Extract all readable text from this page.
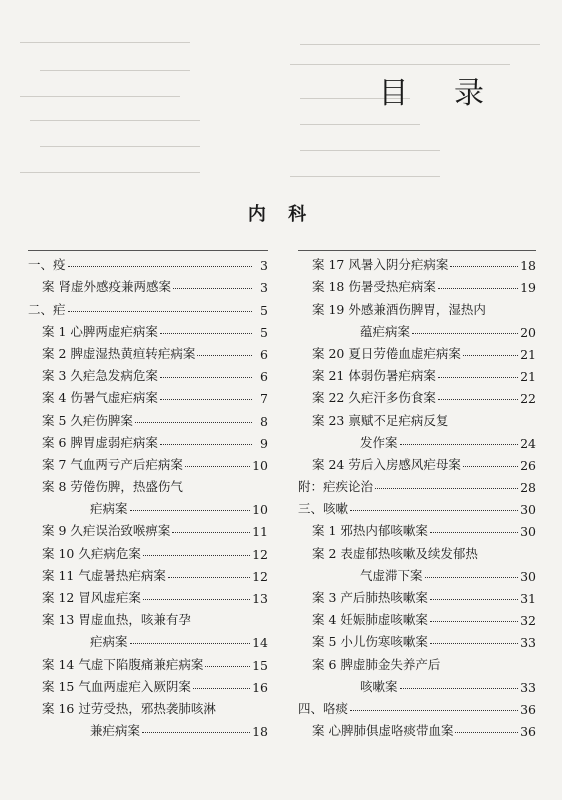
目 录
内 科
一、疫	3
案 肾虚外感疫兼两感案	3
二、疟	5
案 1 心脾两虚疟病案	5
案 2 脾虚湿热黄疸转疟病案	6
案 3 久疟急发病危案	6
案 4 伤暑气虚疟病案	7
案 5 久疟伤脾案	8
案 6 脾胃虚弱疟病案	9
案 7 气血两亏产后疟病案	10
案 8 劳倦伤脾，热盛伤气
疟病案	10
案 9 久疟误治致喉痹案	11
案 10 久疟病危案	12
案 11 气虚暑热疟病案	12
案 12 冒风虚疟案	13
案 13 胃虚血热，咳兼有孕
疟病案	14
案 14 气虚下陷腹痛兼疟病案	15
案 15 气血两虚疟入厥阴案	16
案 16 过劳受热，邪热袭肺咳淋
兼疟病案	18
案 17 风暑入阴分疟病案	18
案 18 伤暑受热疟病案	19
案 19 外感兼酒伤脾胃，湿热内
蕴疟病案	20
案 20 夏日劳倦血虚疟病案	21
案 21 体弱伤暑疟病案	21
案 22 久疟汗多伤食案	22
案 23 禀赋不足疟病反复
发作案	24
案 24 劳后入房感风疟母案	26
附：疟疾论治	28
三、咳嗽	30
案 1 邪热内郁咳嗽案	30
案 2 表虚郁热咳嗽及续发郁热
气虚滞下案	30
案 3 产后肺热咳嗽案	31
案 4 妊娠肺虚咳嗽案	32
案 5 小儿伤寒咳嗽案	33
案 6 脾虚肺金失养产后
咳嗽案	33
四、咯痰	36
案 心脾肺俱虚咯痰带血案	36
